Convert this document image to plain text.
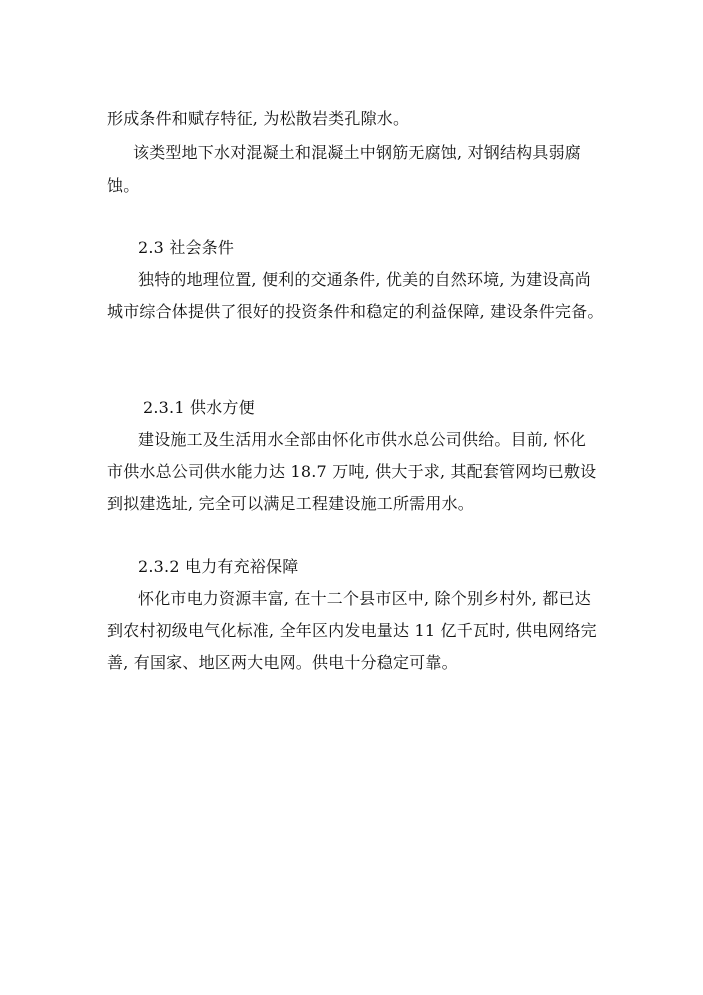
形成条件和赋存特征, 为松散岩类孔隙水。
该类型地下水对混凝土和混凝土中钢筋无腐蚀, 对钢结构具弱腐
蚀。
2.3 社会条件
独特的地理位置, 便利的交通条件, 优美的自然环境, 为建设高尚
城市综合体提供了很好的投资条件和稳定的利益保障, 建设条件完备。
2.3.1 供水方便
建设施工及生活用水全部由怀化市供水总公司供给。目前, 怀化
市供水总公司供水能力达 18.7 万吨, 供大于求, 其配套管网均已敷设
到拟建选址, 完全可以满足工程建设施工所需用水。
2.3.2 电力有充裕保障
怀化市电力资源丰富, 在十二个县市区中, 除个别乡村外, 都已达
到农村初级电气化标准, 全年区内发电量达 11 亿千瓦时, 供电网络完
善, 有国家、地区两大电网。供电十分稳定可靠。
